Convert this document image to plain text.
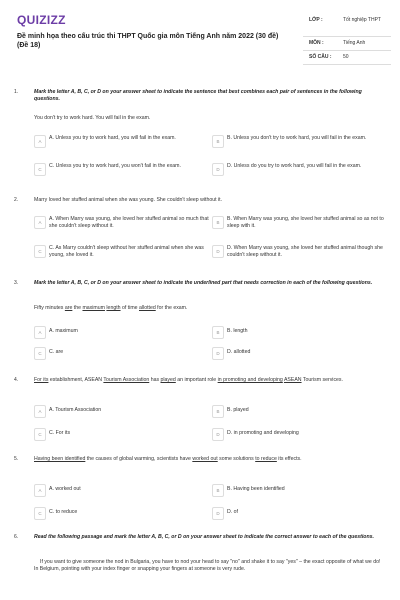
QUIZIZZ
Đề minh họa theo cấu trúc thi THPT Quốc gia môn Tiếng Anh năm 2022 (30 đề) (Đề 18)
LỚP :	Tốt nghiệp THPT
MÔN :	Tiếng Anh
SỐ CÂU : 50
1.	Mark the letter A, B, C, or D on your answer sheet to indicate the sentence that best combines each pair of sentences in the following questions.
You don't try to work hard. You will fail in the exam.
A
A. Unless you try to work hard, you will fail in the exam.
B
B. Unless you don't try to work hard, you will fail in the exam.
C
C. Unless you try to work hard, you won't fail in the exam.
D
D. Unless do you try to work hard, you will fail in the exam.
2.	Marry loved her stuffed animal when she was young. She couldn't sleep without it.
A
A. When Marry was young, she loved her stuffed animal so much that she couldn't sleep without it.	B
B. When Marry was young, she loved her stuffed animal so as not to sleep with it.
C
C. As Marry couldn't sleep without her stuffed animal when she was young, she loved it.	D
D. When Marry was young, she loved her stuffed animal though she couldn't sleep without it.
3.	Mark the letter A, B, C, or D on your answer sheet to indicate the underlined part that needs correction in each of the following questions.
Fifty minutes are the maximum length of time allotted for the exam.
A	A. maximum	B	B. length
C	C. are	D	D. allotted
4.	For its establishment, ASEAN Tourism Association has played an important role in promoting and developing ASEAN Tourism services.
A	A. Tourism Association	B	B. played
C	C. For its	D	D. in promoting and developing
5.	Having been identified the causes of global warming, scientists have worked out some solutions to reduce its effects.
A	A. worked out	B	B. Having been identified
C	C. to reduce	D	D. of
6.	Read the following passage and mark the letter A, B, C, or D on your answer sheet to indicate the correct answer to each of the questions.
If you want to give someone the nod in Bulgaria, you have to nod your head to say "no" and shake it to say "yes" – the exact opposite of what we do! In Belgium, pointing with your index finger or snapping your fingers at someone is very rude.
